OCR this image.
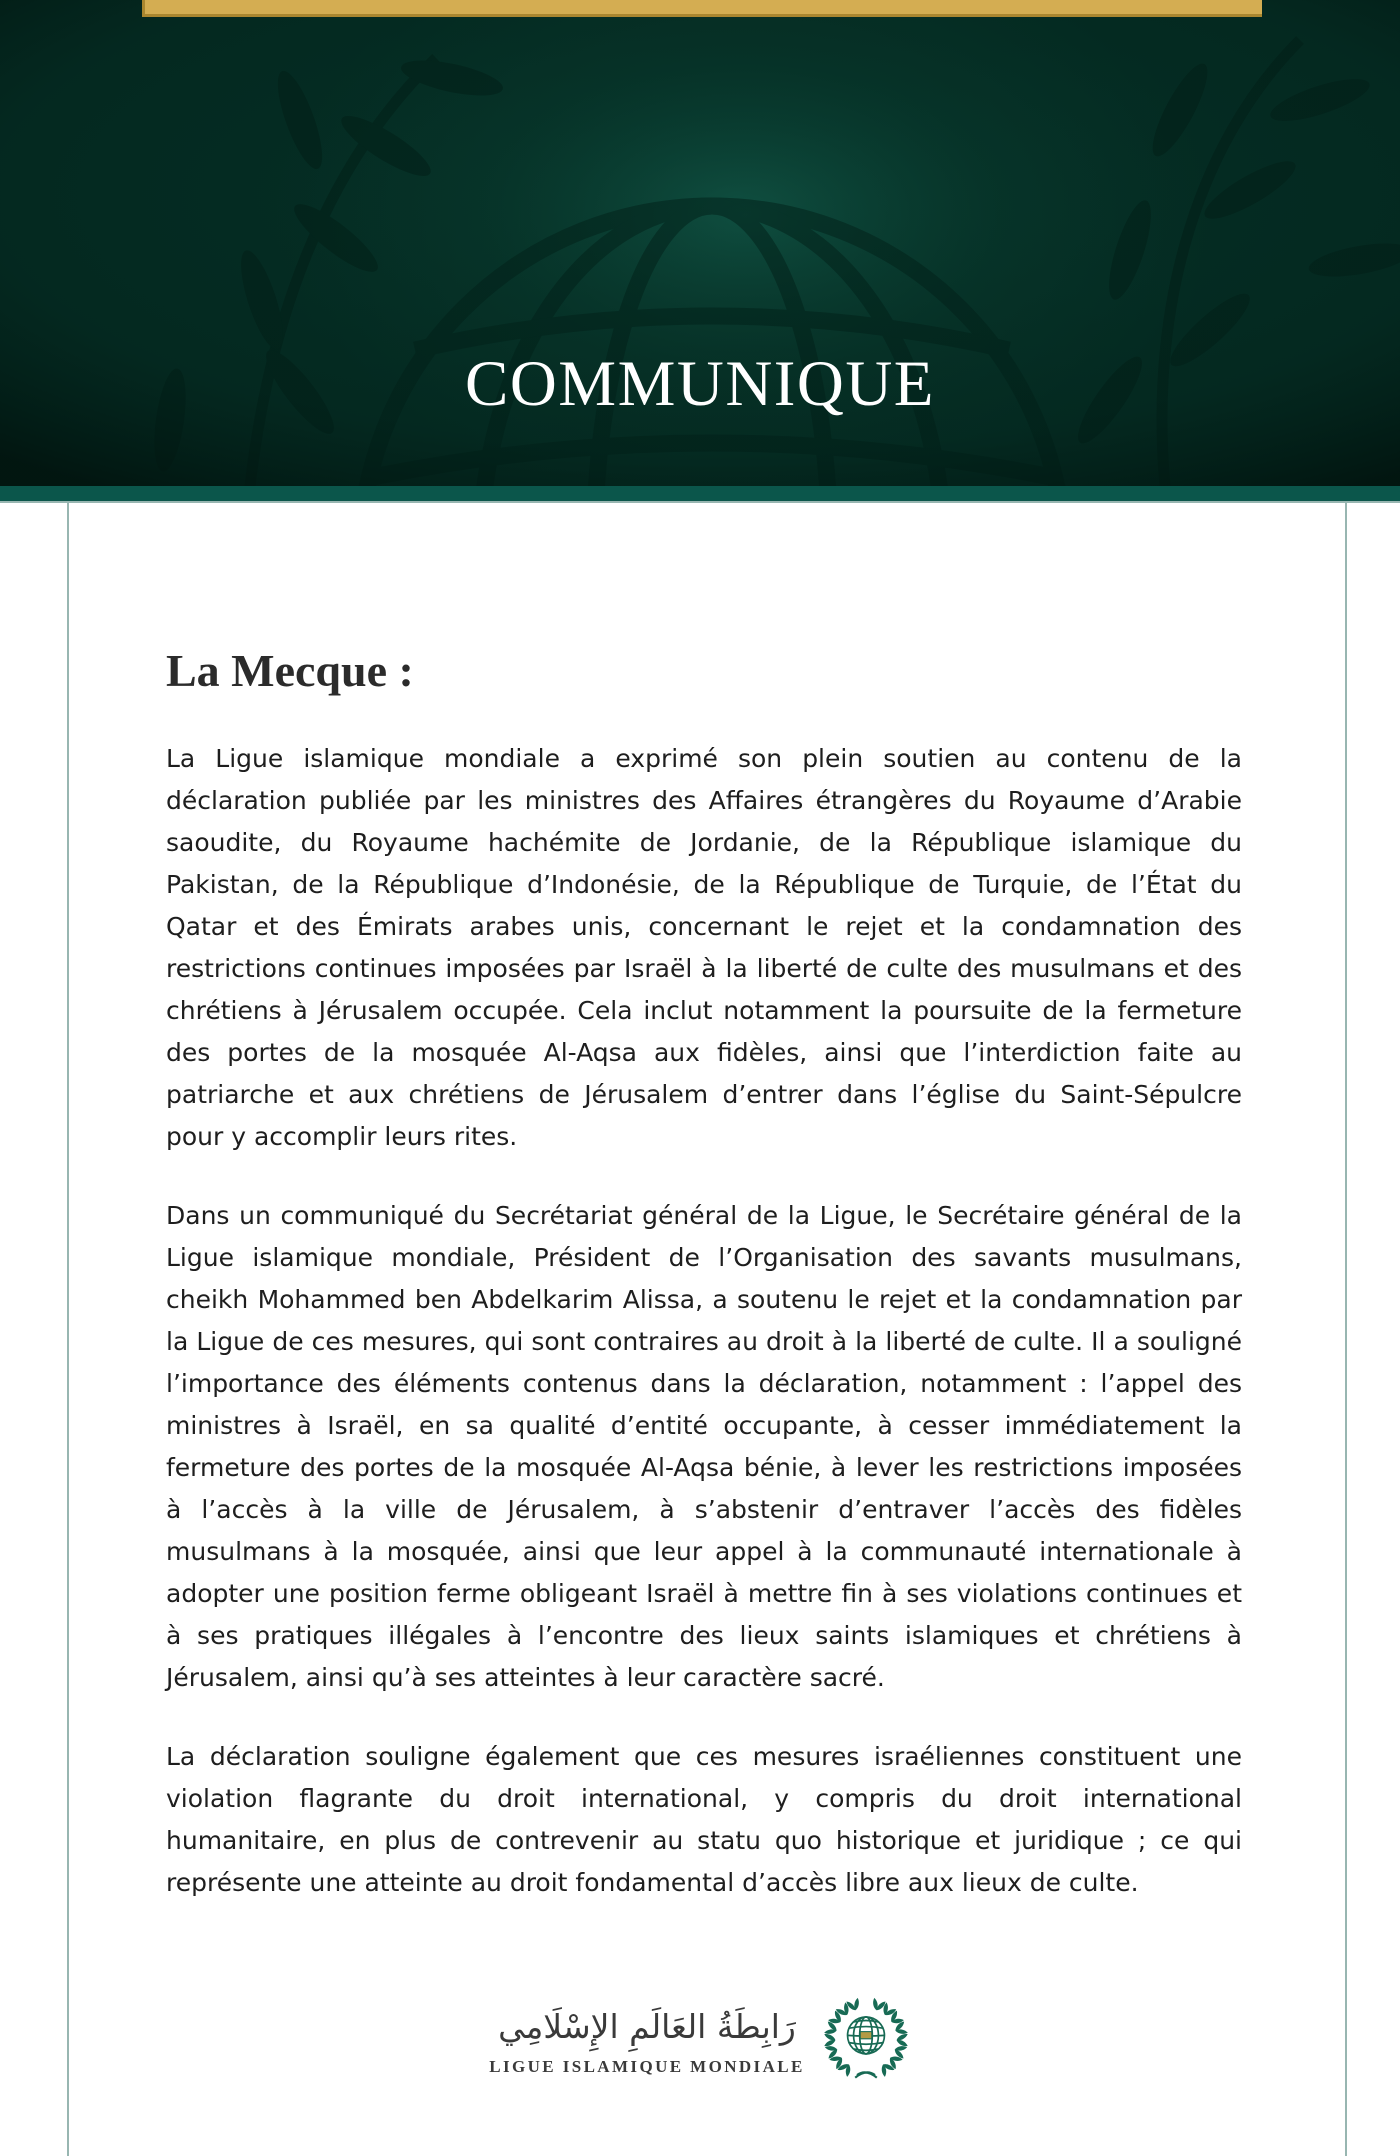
COMMUNIQUE
La Mecque :

La Ligue islamique mondiale a exprimé son plein soutien au contenu de la déclaration publiée par les ministres des Affaires étrangères du Royaume d’Arabie saoudite, du Royaume hachémite de Jordanie, de la République islamique du Pakistan, de la République d’Indonésie, de la République de Turquie, de l’État du Qatar et des Émirats arabes unis, concernant le rejet et la condamnation des restrictions continues imposées par Israël à la liberté de culte des musulmans et des chrétiens à Jérusalem occupée. Cela inclut notamment la poursuite de la fermeture des portes de la mosquée Al-Aqsa aux fidèles, ainsi que l’interdiction faite au patriarche et aux chrétiens de Jérusalem d’entrer dans l’église du Saint-Sépulcre pour y accomplir leurs rites.

Dans un communiqué du Secrétariat général de la Ligue, le Secrétaire général de la Ligue islamique mondiale, Président de l’Organisation des savants musulmans, cheikh Mohammed ben Abdelkarim Alissa, a soutenu le rejet et la condamnation par la Ligue de ces mesures, qui sont contraires au droit à la liberté de culte. Il a souligné l’importance des éléments contenus dans la déclaration, notamment : l’appel des ministres à Israël, en sa qualité d’entité occupante, à cesser immédiatement la fermeture des portes de la mosquée Al-Aqsa bénie, à lever les restrictions imposées à l’accès à la ville de Jérusalem, à s’abstenir d’entraver l’accès des fidèles musulmans à la mosquée, ainsi que leur appel à la communauté internationale à adopter une position ferme obligeant Israël à mettre fin à ses violations continues et à ses pratiques illégales à l’encontre des lieux saints islamiques et chrétiens à Jérusalem, ainsi qu’à ses atteintes à leur caractère sacré.

La déclaration souligne également que ces mesures israéliennes constituent une violation flagrante du droit international, y compris du droit international humanitaire, en plus de contrevenir au statu quo historique et juridique ; ce qui représente une atteinte au droit fondamental d’accès libre aux lieux de culte.

رَابِطَةُ العَالَمِ الإِسْلَامِي
LIGUE ISLAMIQUE MONDIALE
